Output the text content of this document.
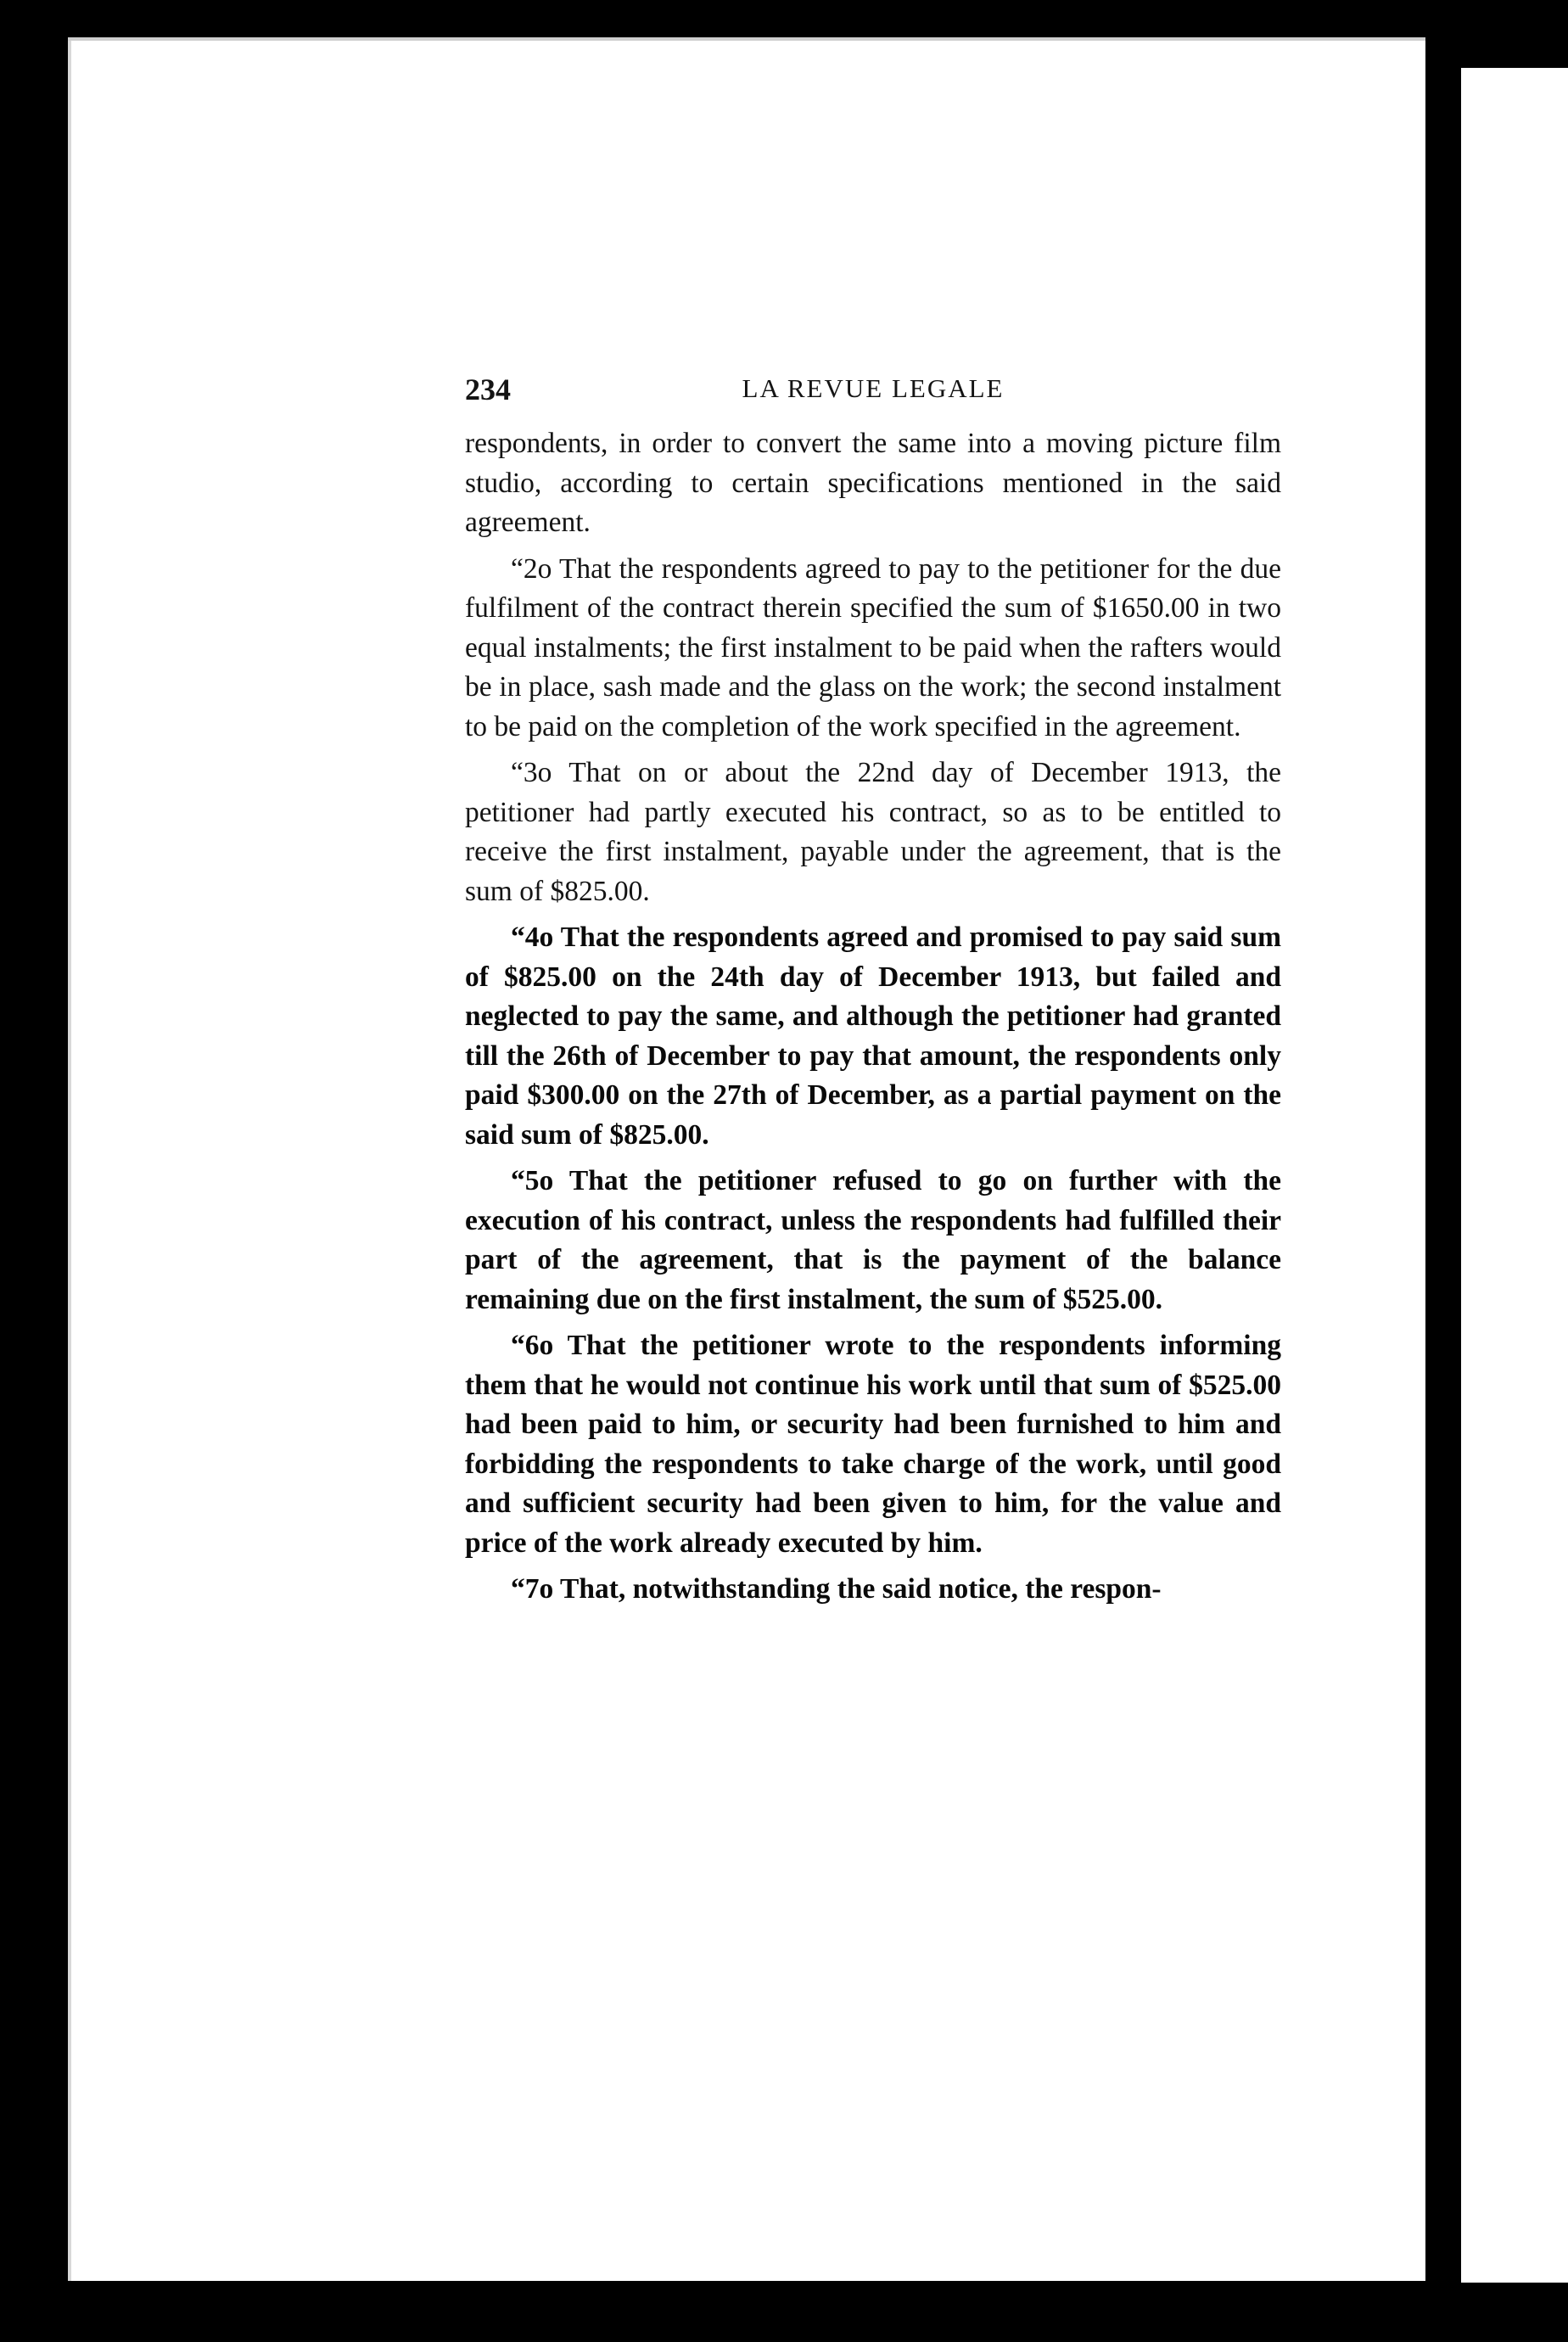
234	LA REVUE LEGALE

respondents, in order to convert the same into a moving picture film studio, according to certain specifications mentioned in the said agreement.

“2o That the respondents agreed to pay to the petitioner for the due fulfilment of the contract therein specified the sum of $1650.00 in two equal instalments; the first instalment to be paid when the rafters would be in place, sash made and the glass on the work; the second instalment to be paid on the completion of the work specified in the agreement.

“3o That on or about the 22nd day of December 1913, the petitioner had partly executed his contract, so as to be entitled to receive the first instalment, payable under the agreement, that is the sum of $825.00.

“4o That the respondents agreed and promised to pay said sum of $825.00 on the 24th day of December 1913, but failed and neglected to pay the same, and although the petitioner had granted till the 26th of December to pay that amount, the respondents only paid $300.00 on the 27th of December, as a partial payment on the said sum of $825.00.

“5o That the petitioner refused to go on further with the execution of his contract, unless the respondents had fulfilled their part of the agreement, that is the payment of the balance remaining due on the first instalment, the sum of $525.00.

“6o That the petitioner wrote to the respondents informing them that he would not continue his work until that sum of $525.00 had been paid to him, or security had been furnished to him and forbidding the respondents to take charge of the work, until good and sufficient security had been given to him, for the value and price of the work already executed by him.

“7o That, notwithstanding the said notice, the respon-
